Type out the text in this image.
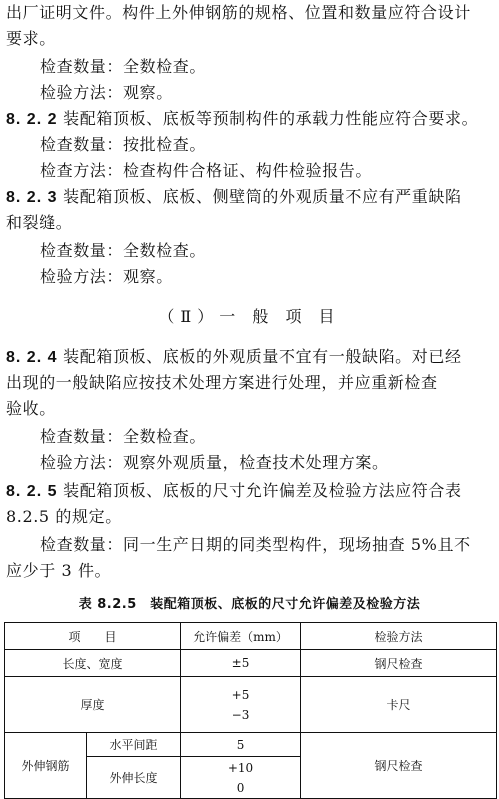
出厂证明文件。构件上外伸钢筋的规格、位置和数量应符合设计
要求。
检查数量：全数检查。
检验方法：观察。
8. 2. 2 装配箱顶板、底板等预制构件的承载力性能应符合要求。
检查数量：按批检查。
检查方法：检查构件合格证、构件检验报告。
8. 2. 3 装配箱顶板、底板、侧壁筒的外观质量不应有严重缺陷
和裂缝。
检查数量：全数检查。
检验方法：观察。
（Ⅱ）一 般 项 目
8. 2. 4 装配箱顶板、底板的外观质量不宜有一般缺陷。对已经
出现的一般缺陷应按技术处理方案进行处理，并应重新检查
验收。
检查数量：全数检查。
检验方法：观察外观质量，检查技术处理方案。
8. 2. 5 装配箱顶板、底板的尺寸允许偏差及检验方法应符合表
8.2.5 的规定。
检查数量：同一生产日期的同类型构件，现场抽查 5%且不
应少于 3 件。
表 8.2.5　装配箱顶板、底板的尺寸允许偏差及检验方法
项　　目		允许偏差（mm）	检验方法
长度、宽度		±5	钢尺检查
厚度		+5
−3	卡尺
外伸钢筋	水平间距	5	钢尺检查
	外伸长度	+10
0	
